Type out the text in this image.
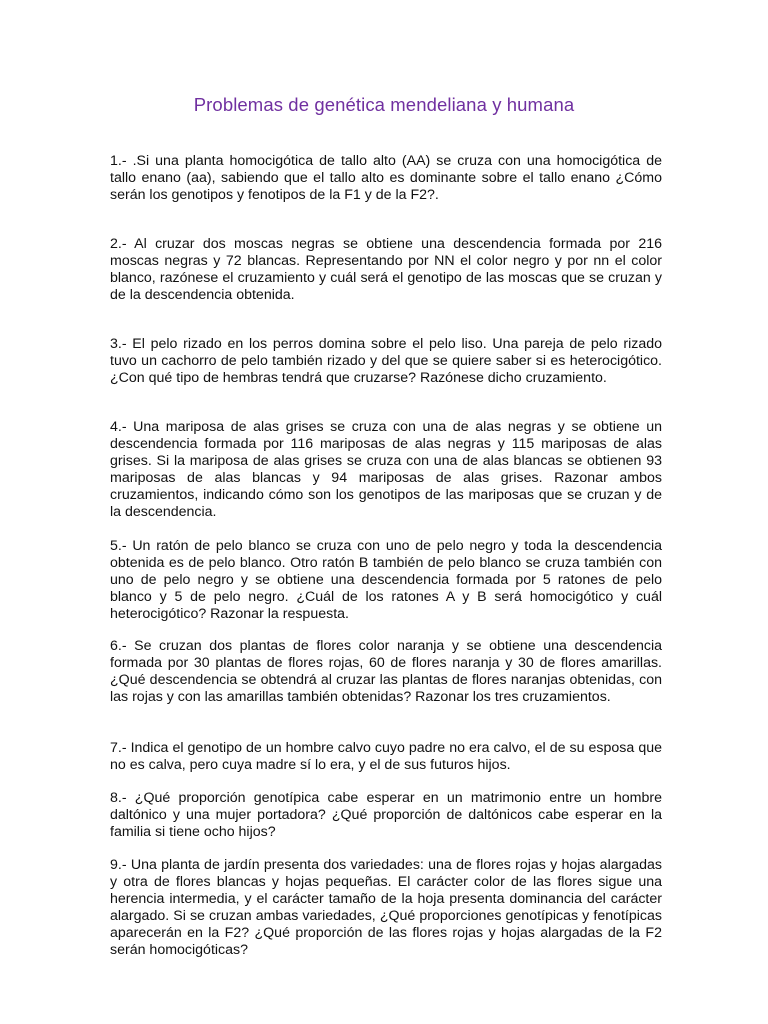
Problemas de genética mendeliana y humana

1.- .Si una planta homocigótica de tallo alto (AA) se cruza con una homocigótica de tallo enano (aa), sabiendo que el tallo alto es dominante sobre el tallo enano ¿Cómo serán los genotipos y fenotipos de la F1 y de la F2?.

2.- Al cruzar dos moscas negras se obtiene una descendencia formada por 216 moscas negras y 72 blancas. Representando por NN el color negro y por nn el color blanco, razónese el cruzamiento y cuál será el genotipo de las moscas que se cruzan y de la descendencia obtenida.

3.- El pelo rizado en los perros domina sobre el pelo liso. Una pareja de pelo rizado tuvo un cachorro de pelo también rizado y del que se quiere saber si es heterocigótico. ¿Con qué tipo de hembras tendrá que cruzarse? Razónese dicho cruzamiento.

4.- Una mariposa de alas grises se cruza con una de alas negras y se obtiene un descendencia formada por 116 mariposas de alas negras y 115 mariposas de alas grises. Si la mariposa de alas grises se cruza con una de alas blancas se obtienen 93 mariposas de alas blancas y 94 mariposas de alas grises. Razonar ambos cruzamientos, indicando cómo son los genotipos de las mariposas que se cruzan y de la descendencia.

5.- Un ratón de pelo blanco se cruza con uno de pelo negro y toda la descendencia obtenida es de pelo blanco. Otro ratón B también de pelo blanco se cruza también con uno de pelo negro y se obtiene una descendencia formada por 5 ratones de pelo blanco y 5 de pelo negro. ¿Cuál de los ratones A y B será homocigótico y cuál heterocigótico? Razonar la respuesta.

6.- Se cruzan dos plantas de flores color naranja y se obtiene una descendencia formada por 30 plantas de flores rojas, 60 de flores naranja y 30 de flores amarillas. ¿Qué descendencia se obtendrá al cruzar las plantas de flores naranjas obtenidas, con las rojas y con las amarillas también obtenidas? Razonar los tres cruzamientos.

7.- Indica el genotipo de un hombre calvo cuyo padre no era calvo, el de su esposa que no es calva, pero cuya madre sí lo era, y el de sus futuros hijos.

8.- ¿Qué proporción genotípica cabe esperar en un matrimonio entre un hombre daltónico y una mujer portadora? ¿Qué proporción de daltónicos cabe esperar en la familia si tiene ocho hijos?

9.- Una planta de jardín presenta dos variedades: una de flores rojas y hojas alargadas y otra de flores blancas y hojas pequeñas. El carácter color de las flores sigue una herencia intermedia, y el carácter tamaño de la hoja presenta dominancia del carácter alargado. Si se cruzan ambas variedades, ¿Qué proporciones genotípicas y fenotípicas aparecerán en la F2? ¿Qué proporción de las flores rojas y hojas alargadas de la F2 serán homocigóticas?
